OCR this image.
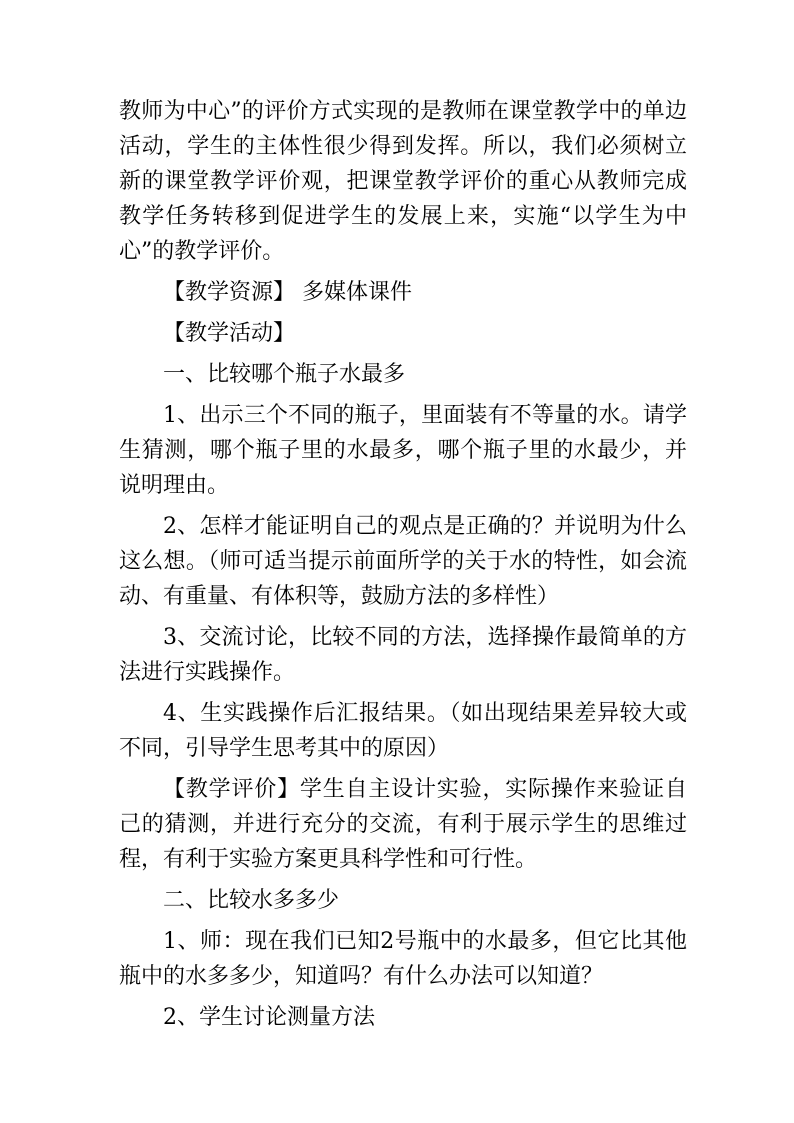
教师为中心”的评价方式实现的是教师在课堂教学中的单边活动，学生的主体性很少得到发挥。所以，我们必须树立新的课堂教学评价观，把课堂教学评价的重心从教师完成教学任务转移到促进学生的发展上来，实施“以学生为中心”的教学评价。

【教学资源】 多媒体课件

【教学活动】

一、比较哪个瓶子水最多

1、出示三个不同的瓶子，里面装有不等量的水。请学生猜测，哪个瓶子里的水最多，哪个瓶子里的水最少，并说明理由。

2、怎样才能证明自己的观点是正确的？并说明为什么这么想。（师可适当提示前面所学的关于水的特性，如会流动、有重量、有体积等，鼓励方法的多样性）

3、交流讨论，比较不同的方法，选择操作最简单的方法进行实践操作。

4、生实践操作后汇报结果。（如出现结果差异较大或不同，引导学生思考其中的原因）

【教学评价】学生自主设计实验，实际操作来验证自己的猜测，并进行充分的交流，有利于展示学生的思维过程，有利于实验方案更具科学性和可行性。

二、比较水多多少

1、师：现在我们已知2号瓶中的水最多，但它比其他瓶中的水多多少，知道吗？有什么办法可以知道？

2、学生讨论测量方法
